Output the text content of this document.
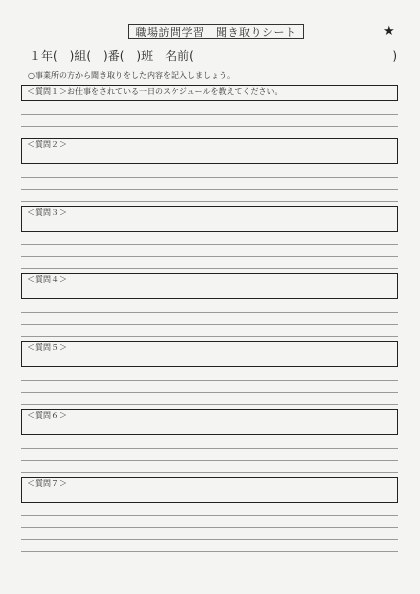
職場訪問学習　聞き取りシート	★
１年(　)組(　)番(　)班　名前(	)
○事業所の方から聞き取りをした内容を記入しましょう。
＜質問１＞お仕事をされている一日のスケジュールを教えてください。
＜質問２＞
＜質問３＞
＜質問４＞
＜質問５＞
＜質問６＞
＜質問７＞
